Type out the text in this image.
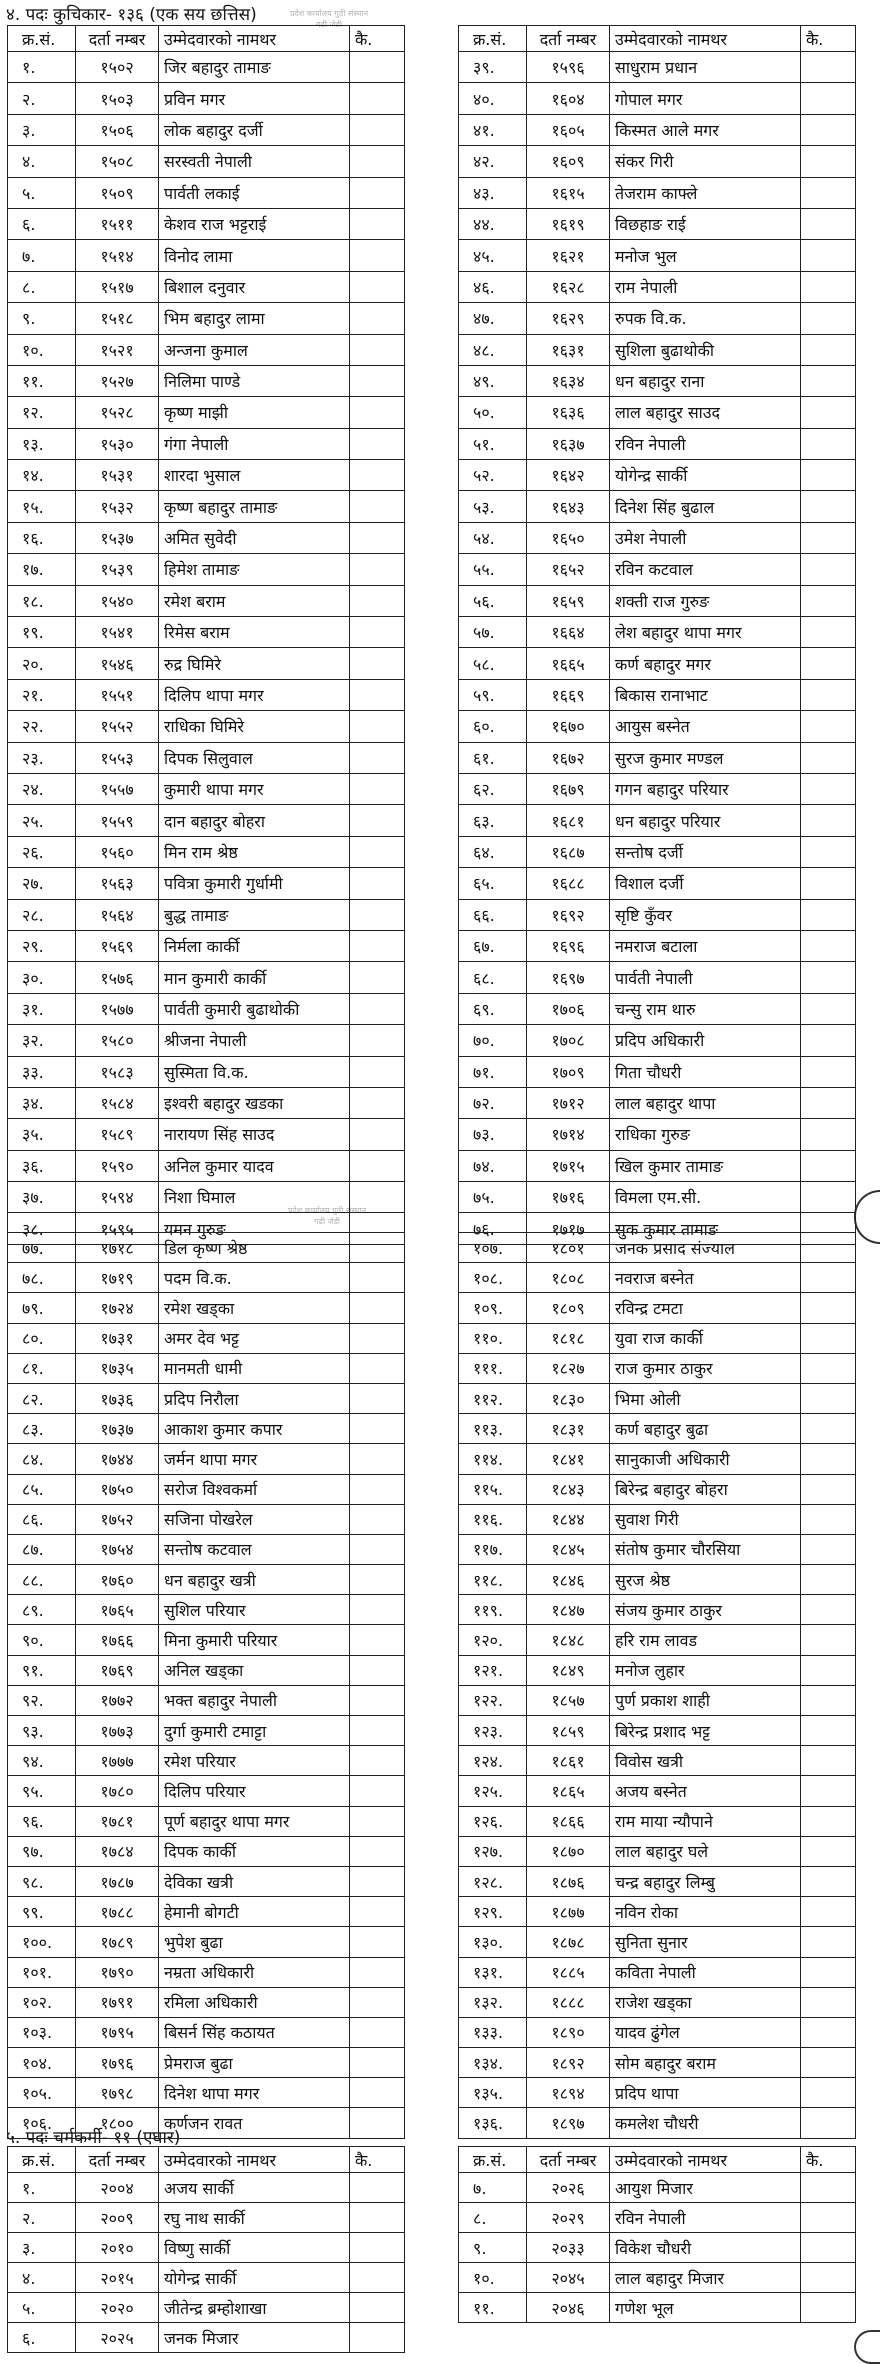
४. पदः कुचिकार- १३६ (एक सय छत्तिस)
५. पदः चर्मकर्मी- ११ (एघार)
प्रदेश कार्यालय गुठी संस्थान
गढी जेडी
प्रदेश कार्यालय गुठी संस्थान
गढी जेडी
क्र.सं.	दर्ता नम्बर	उम्मेदवारको नामथर	कै.
१.	१५०२	जिर बहादुर तामाङ	
२.	१५०३	प्रविन मगर	
३.	१५०६	लोक बहादुर दर्जी	
४.	१५०८	सरस्वती नेपाली	
५.	१५०९	पार्वती लकाई	
६.	१५११	केशव राज भट्टराई	
७.	१५१४	विनोद लामा	
८.	१५१७	बिशाल दनुवार	
९.	१५१८	भिम बहादुर लामा	
१०.	१५२१	अन्जना कुमाल	
११.	१५२७	निलिमा पाण्डे	
१२.	१५२८	कृष्ण माझी	
१३.	१५३०	गंगा नेपाली	
१४.	१५३१	शारदा भुसाल	
१५.	१५३२	कृष्ण बहादुर तामाङ	
१६.	१५३७	अमित सुवेदी	
१७.	१५३९	हिमेश तामाङ	
१८.	१५४०	रमेश बराम	
१९.	१५४१	रिमेस बराम	
२०.	१५४६	रुद्र घिमिरे	
२१.	१५५१	दिलिप थापा मगर	
२२.	१५५२	राधिका घिमिरे	
२३.	१५५३	दिपक सिलुवाल	
२४.	१५५७	कुमारी थापा मगर	
२५.	१५५९	दान बहादुर बोहरा	
२६.	१५६०	मिन राम श्रेष्ठ	
२७.	१५६३	पवित्रा कुमारी गुर्धामी	
२८.	१५६४	बुद्ध तामाङ	
२९.	१५६९	निर्मला कार्की	
३०.	१५७६	मान कुमारी कार्की	
३१.	१५७७	पार्वती कुमारी बुढाथोकी	
३२.	१५८०	श्रीजना नेपाली	
३३.	१५८३	सुस्मिता वि.क.	
३४.	१५८४	इश्वरी बहादुर खडका	
३५.	१५८९	नारायण सिंह साउद	
३६.	१५९०	अनिल कुमार यादव	
३७.	१५९४	निशा घिमाल	
३८.	१५९५	यमन गुरुङ	
क्र.सं.	दर्ता नम्बर	उम्मेदवारको नामथर	कै.
३९.	१५९६	साधुराम प्रधान	
४०.	१६०४	गोपाल मगर	
४१.	१६०५	किस्मत आले मगर	
४२.	१६०९	संकर गिरी	
४३.	१६१५	तेजराम काफ्ले	
४४.	१६१९	विछहाङ राई	
४५.	१६२१	मनोज भुल	
४६.	१६२८	राम नेपाली	
४७.	१६२९	रुपक वि.क.	
४८.	१६३१	सुशिला बुढाथोकी	
४९.	१६३४	धन बहादुर राना	
५०.	१६३६	लाल बहादुर साउद	
५१.	१६३७	रविन नेपाली	
५२.	१६४२	योगेन्द्र सार्की	
५३.	१६४३	दिनेश सिंह बुढाल	
५४.	१६५०	उमेश नेपाली	
५५.	१६५२	रविन कटवाल	
५६.	१६५९	शक्ती राज गुरुङ	
५७.	१६६४	लेश बहादुर थापा मगर	
५८.	१६६५	कर्ण बहादुर मगर	
५९.	१६६९	बिकास रानाभाट	
६०.	१६७०	आयुस बस्नेत	
६१.	१६७२	सुरज कुमार मण्डल	
६२.	१६७९	गगन बहादुर परियार	
६३.	१६८१	धन बहादुर परियार	
६४.	१६८७	सन्तोष दर्जी	
६५.	१६८८	विशाल दर्जी	
६६.	१६९२	सृष्टि कुँवर	
६७.	१६९६	नमराज बटाला	
६८.	१६९७	पार्वती नेपाली	
६९.	१७०६	चन्सु राम थारु	
७०.	१७०८	प्रदिप अधिकारी	
७१.	१७०९	गिता चौधरी	
७२.	१७१२	लाल बहादुर थापा	
७३.	१७१४	राधिका गुरुङ	
७४.	१७१५	खिल कुमार तामाङ	
७५.	१७१६	विमला एम.सी.	
७६.	१७१७	सुक कुमार तामाङ	
७७.	१७१८	डिल कृष्ण श्रेष्ठ	
७८.	१७१९	पदम वि.क.	
७९.	१७२४	रमेश खड्का	
८०.	१७३१	अमर देव भट्ट	
८१.	१७३५	मानमती धामी	
८२.	१७३६	प्रदिप निरौला	
८३.	१७३७	आकाश कुमार कपार	
८४.	१७४४	जर्मन थापा मगर	
८५.	१७५०	सरोज विश्वकर्मा	
८६.	१७५२	सजिना पोखरेल	
८७.	१७५४	सन्तोष कटवाल	
८८.	१७६०	धन बहादुर खत्री	
८९.	१७६५	सुशिल परियार	
९०.	१७६६	मिना कुमारी परियार	
९१.	१७६९	अनिल खड्का	
९२.	१७७२	भक्त बहादुर नेपाली	
९३.	१७७३	दुर्गा कुमारी टमाट्टा	
९४.	१७७७	रमेश परियार	
९५.	१७८०	दिलिप परियार	
९६.	१७८१	पूर्ण बहादुर थापा मगर	
९७.	१७८४	दिपक कार्की	
९८.	१७८७	देविका खत्री	
९९.	१७८८	हेमानी बोगटी	
१००.	१७८९	भुपेश बुढा	
१०१.	१७९०	नम्रता अधिकारी	
१०२.	१७९१	रमिला अधिकारी	
१०३.	१७९५	बिसर्न सिंह कठायत	
१०४.	१७९६	प्रेमराज बुढा	
१०५.	१७९८	दिनेश थापा मगर	
१०६.	१८००	कर्णजन रावत	
१०७.	१८०१	जनक प्रसाद संज्याल	
१०८.	१८०८	नवराज बस्नेत	
१०९.	१८०९	रविन्द्र टमटा	
११०.	१८१८	युवा राज कार्की	
१११.	१८२७	राज कुमार ठाकुर	
११२.	१८३०	भिमा ओली	
११३.	१८३१	कर्ण बहादुर बुढा	
११४.	१८४१	सानुकाजी अधिकारी	
११५.	१८४३	बिरेन्द्र बहादुर बोहरा	
११६.	१८४४	सुवाश गिरी	
११७.	१८४५	संतोष कुमार चौरसिया	
११८.	१८४६	सुरज श्रेष्ठ	
११९.	१८४७	संजय कुमार ठाकुर	
१२०.	१८४८	हरि राम लावड	
१२१.	१८४९	मनोज लुहार	
१२२.	१८५७	पुर्ण प्रकाश शाही	
१२३.	१८५९	बिरेन्द्र प्रशाद भट्ट	
१२४.	१८६१	विवोस खत्री	
१२५.	१८६५	अजय बस्नेत	
१२६.	१८६६	राम माया न्यौपाने	
१२७.	१८७०	लाल बहादुर घले	
१२८.	१८७६	चन्द्र बहादुर लिम्बु	
१२९.	१८७७	नविन रोका	
१३०.	१८७८	सुनिता सुनार	
१३१.	१८८५	कविता नेपाली	
१३२.	१८८८	राजेश खड्का	
१३३.	१८९०	यादव ढुंगेल	
१३४.	१८९२	सोम बहादुर बराम	
१३५.	१८९४	प्रदिप थापा	
१३६.	१८९७	कमलेश चौधरी	
क्र.सं.	दर्ता नम्बर	उम्मेदवारको नामथर	कै.
१.	२००४	अजय सार्की	
२.	२००९	रघु नाथ सार्की	
३.	२०१०	विष्णु सार्की	
४.	२०१५	योगेन्द्र सार्की	
५.	२०२०	जीतेन्द्र ब्रम्होशाखा	
६.	२०२५	जनक मिजार	
क्र.सं.	दर्ता नम्बर	उम्मेदवारको नामथर	कै.
७.	२०२६	आयुश मिजार	
८.	२०२९	रविन नेपाली	
९.	२०३३	विकेश चौधरी	
१०.	२०४५	लाल बहादुर मिजार	
११.	२०४६	गणेश भूल	
